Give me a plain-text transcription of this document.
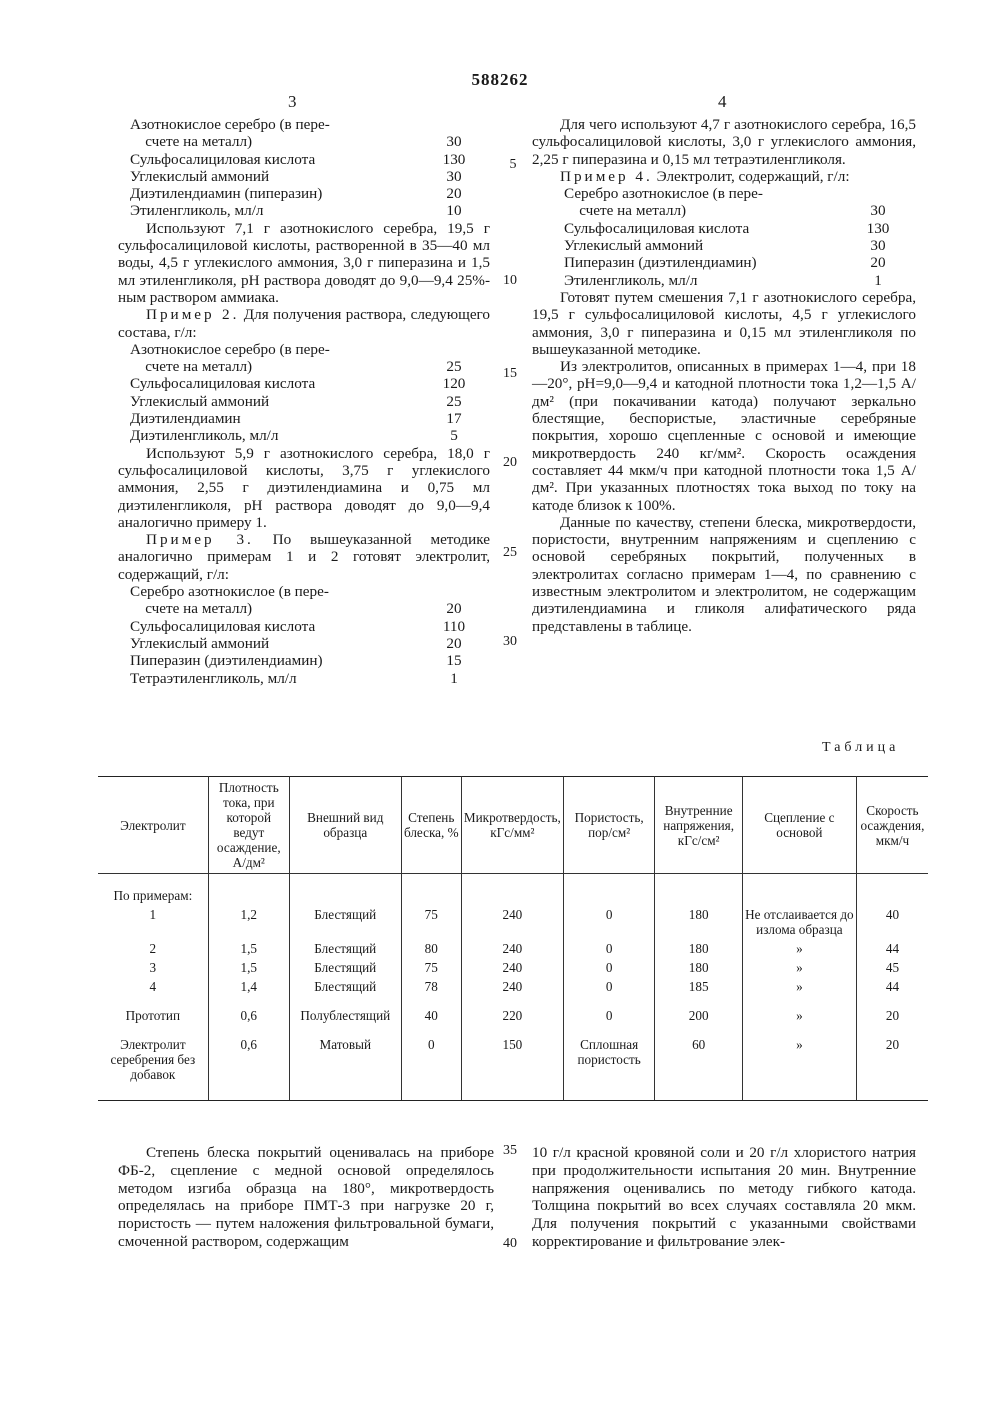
588262
3	4
Азотнокислое серебро (в пере-
счете на металл)	30
Сульфосалициловая кислота	130
Углекислый аммоний	30
Диэтилендиамин (пиперазин)	20
Этиленгликоль, мл/л	10

Используют 7,1 г азотнокислого серебра, 19,5 г сульфосалициловой кислоты, растворенной в 35—40 мл воды, 4,5 г углекислого аммония, 3,0 г пиперазина и 1,5 мл этиленгликоля, pH раствора доводят до 9,0—9,4 25%-ным раствором аммиака.

Пример 2. Для получения раствора, следующего состава, г/л:

Азотнокислое серебро (в пере-
счете на металл)	25
Сульфосалициловая кислота	120
Углекислый аммоний	25
Диэтилендиамин	17
Диэтиленгликоль, мл/л	5

Используют 5,9 г азотнокислого серебра, 18,0 г сульфосалициловой кислоты, 3,75 г углекислого аммония, 2,55 г диэтилендиамина и 0,75 мл диэтиленгликоля, pH раствора доводят до 9,0—9,4 аналогично примеру 1.

Пример 3. По вышеуказанной методике аналогично примерам 1 и 2 готовят электролит, содержащий, г/л:

Серебро азотнокислое (в пере-
счете на металл)	20
Сульфосалициловая кислота	110
Углекислый аммоний	20
Пиперазин (диэтилендиамин)	15
Тетраэтиленгликоль, мл/л	1
5
10
15
20
25
30
35
40

Для чего используют 4,7 г азотнокислого серебра, 16,5 сульфосалициловой кислоты, 3,0 г углекислого аммония, 2,25 г пиперазина и 0,15 мл тетраэтиленгликоля.

Пример 4. Электролит, содержащий, г/л:

Серебро азотнокислое (в пере-
счете на металл)	30
Сульфосалициловая кислота	130
Углекислый аммоний	30
Пиперазин (диэтилендиамин)	20
Этиленгликоль, мл/л	1

Готовят путем смешения 7,1 г азотнокислого серебра, 19,5 г сульфосалициловой кислоты, 4,5 г углекислого аммония, 3,0 г пиперазина и 0,15 мл этиленгликоля по вышеуказанной методике.

Из электролитов, описанных в примерах 1—4, при 18—20°, pH=9,0—9,4 и катодной плотности тока 1,2—1,5 А/дм² (при покачивании катода) получают зеркально блестящие, беспористые, эластичные серебряные покрытия, хорошо сцепленные с основой и имеющие микротвердость 240 кг/мм². Скорость осаждения составляет 44 мкм/ч при катодной плотности тока 1,5 А/дм². При указанных плотностях тока выход по току на катоде близок к 100%.

Данные по качеству, степени блеска, микротвердости, пористости, внутренним напряжениям и сцеплению с основой серебряных покрытий, полученных в электролитах согласно примерам 1—4, по сравнению с известным электролитом и электролитом, не содержащим диэтилендиамина и гликоля алифатического ряда представлены в таблице.

Таблица
Электролит	Плотность тока, при которой ведут осаждение, А/дм²	Внешний вид образца	Степень блеска, %	Микротвердость, кГс/мм²	Пористость, пор/см²	Внутренние напряжения, кГс/см²	Сцепление с основой	Скорость осаждения, мкм/ч
По примерам:								
1	1,2	Блестящий	75	240	0	180	Не отслаивается до излома образца	40
2	1,5	Блестящий	80	240	0	180	»	44
3	1,5	Блестящий	75	240	0	180	»	45
4	1,4	Блестящий	78	240	0	185	»	44
Прототип	0,6	Полублестящий	40	220	0	200	»	20
Электролит серебрения без добавок	0,6	Матовый	0	150	Сплошная пористость	60	»	20

Степень блеска покрытий оценивалась на приборе ФБ-2, сцепление с медной основой определялось методом изгиба образца на 180°, микротвердость определялась на приборе ПМТ-3 при нагрузке 20 г, пористость — путем наложения фильтровальной бумаги, смоченной раствором, содержащим

10 г/л красной кровяной соли и 20 г/л хлористого натрия при продолжительности испытания 20 мин. Внутренние напряжения оценивались по методу гибкого катода. Толщина покрытий во всех случаях составляла 20 мкм. Для получения покрытий с указанными свойствами корректирование и фильтрование элек-
